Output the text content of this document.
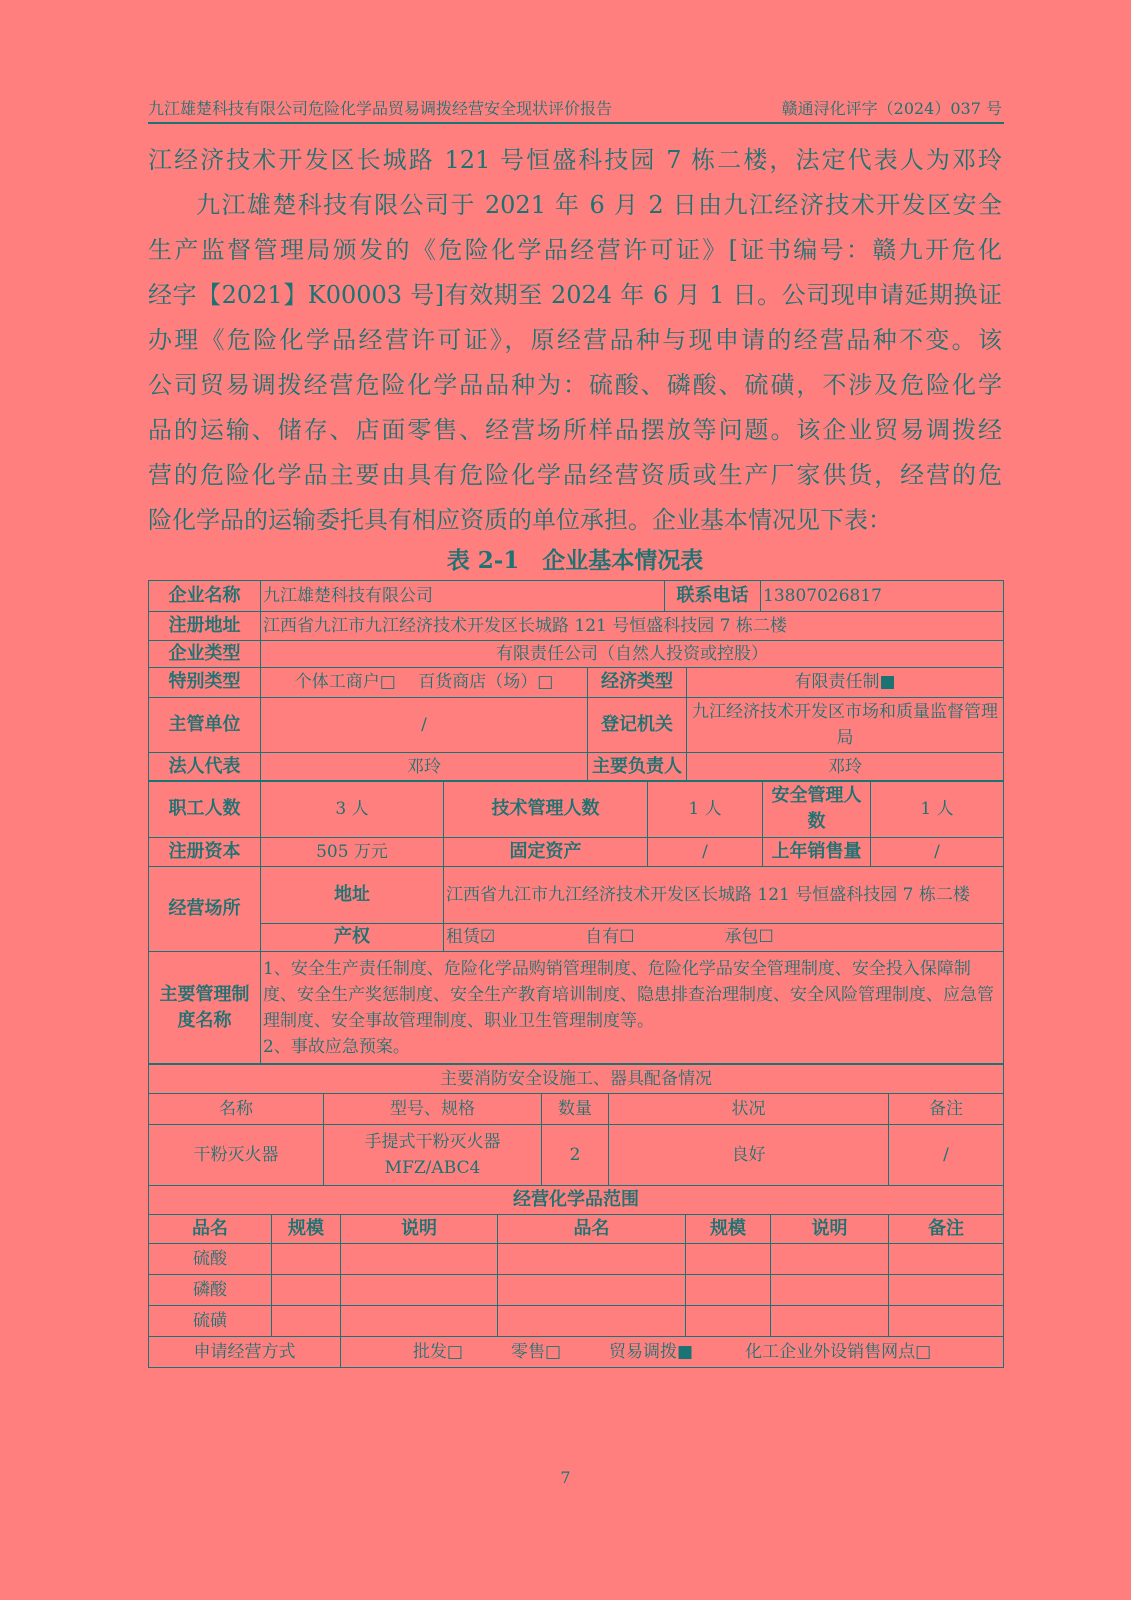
九江雄楚科技有限公司危险化学品贸易调拨经营安全现状评价报告	赣通浔化评字（2024）037 号
江经济技术开发区长城路 121 号恒盛科技园 7 栋二楼，法定代表人为邓玲
九江雄楚科技有限公司于 2021 年 6 月 2 日由九江经济技术开发区安全
生产监督管理局颁发的《危险化学品经营许可证》[证书编号：赣九开危化
经字【2021】K00003 号]有效期至 2024 年 6 月 1 日。公司现申请延期换证
办理《危险化学品经营许可证》，原经营品种与现申请的经营品种不变。该
公司贸易调拨经营危险化学品品种为：硫酸、磷酸、硫磺，不涉及危险化学
品的运输、储存、店面零售、经营场所样品摆放等问题。该企业贸易调拨经
营的危险化学品主要由具有危险化学品经营资质或生产厂家供货，经营的危
险化学品的运输委托具有相应资质的单位承担。企业基本情况见下表：
表 2-1　企业基本情况表
企业名称	九江雄楚科技有限公司	联系电话	13807026817
注册地址	江西省九江市九江经济技术开发区长城路 121 号恒盛科技园 7 栋二楼		
企业类型	有限责任公司（自然人投资或控股）		
特别类型	个体工商户□　 百货商店（场）□	经济类型	有限责任制■
主管单位	/	登记机关	九江经济技术开发区市场和质量监督管理局
法人代表	邓玲	主要负责人	邓玲
职工人数	3 人	技术管理人数	1 人	安全管理人数	1 人
注册资本	505 万元	固定资产	/	上年销售量	/
经营场所	地址	江西省九江市九江经济技术开发区长城路 121 号恒盛科技园 7 栋二楼
	产权	租赁☑ 自有☐ 承包☐
主要管理制度名称	1、安全生产责任制度、危险化学品购销管理制度、危险化学品安全管理制度、安全投入保障制度、安全生产奖惩制度、安全生产教育培训制度、隐患排查治理制度、安全风险管理制度、应急管理制度、安全事故管理制度、职业卫生管理制度等。
2、事故应急预案。	
主要消防安全设施工、器具配备情况				
名称	型号、规格	数量	状况	备注
干粉灭火器	手提式干粉灭火器 MFZ/ABC4	2	良好	/
经营化学品范围						
品名	规模	说明	品名	规模	说明	备注
硫酸						
磷酸						
硫磺						
申请经营方式		批发□ 零售□ 贸易调拨■ 化工企业外设销售网点□				
7
